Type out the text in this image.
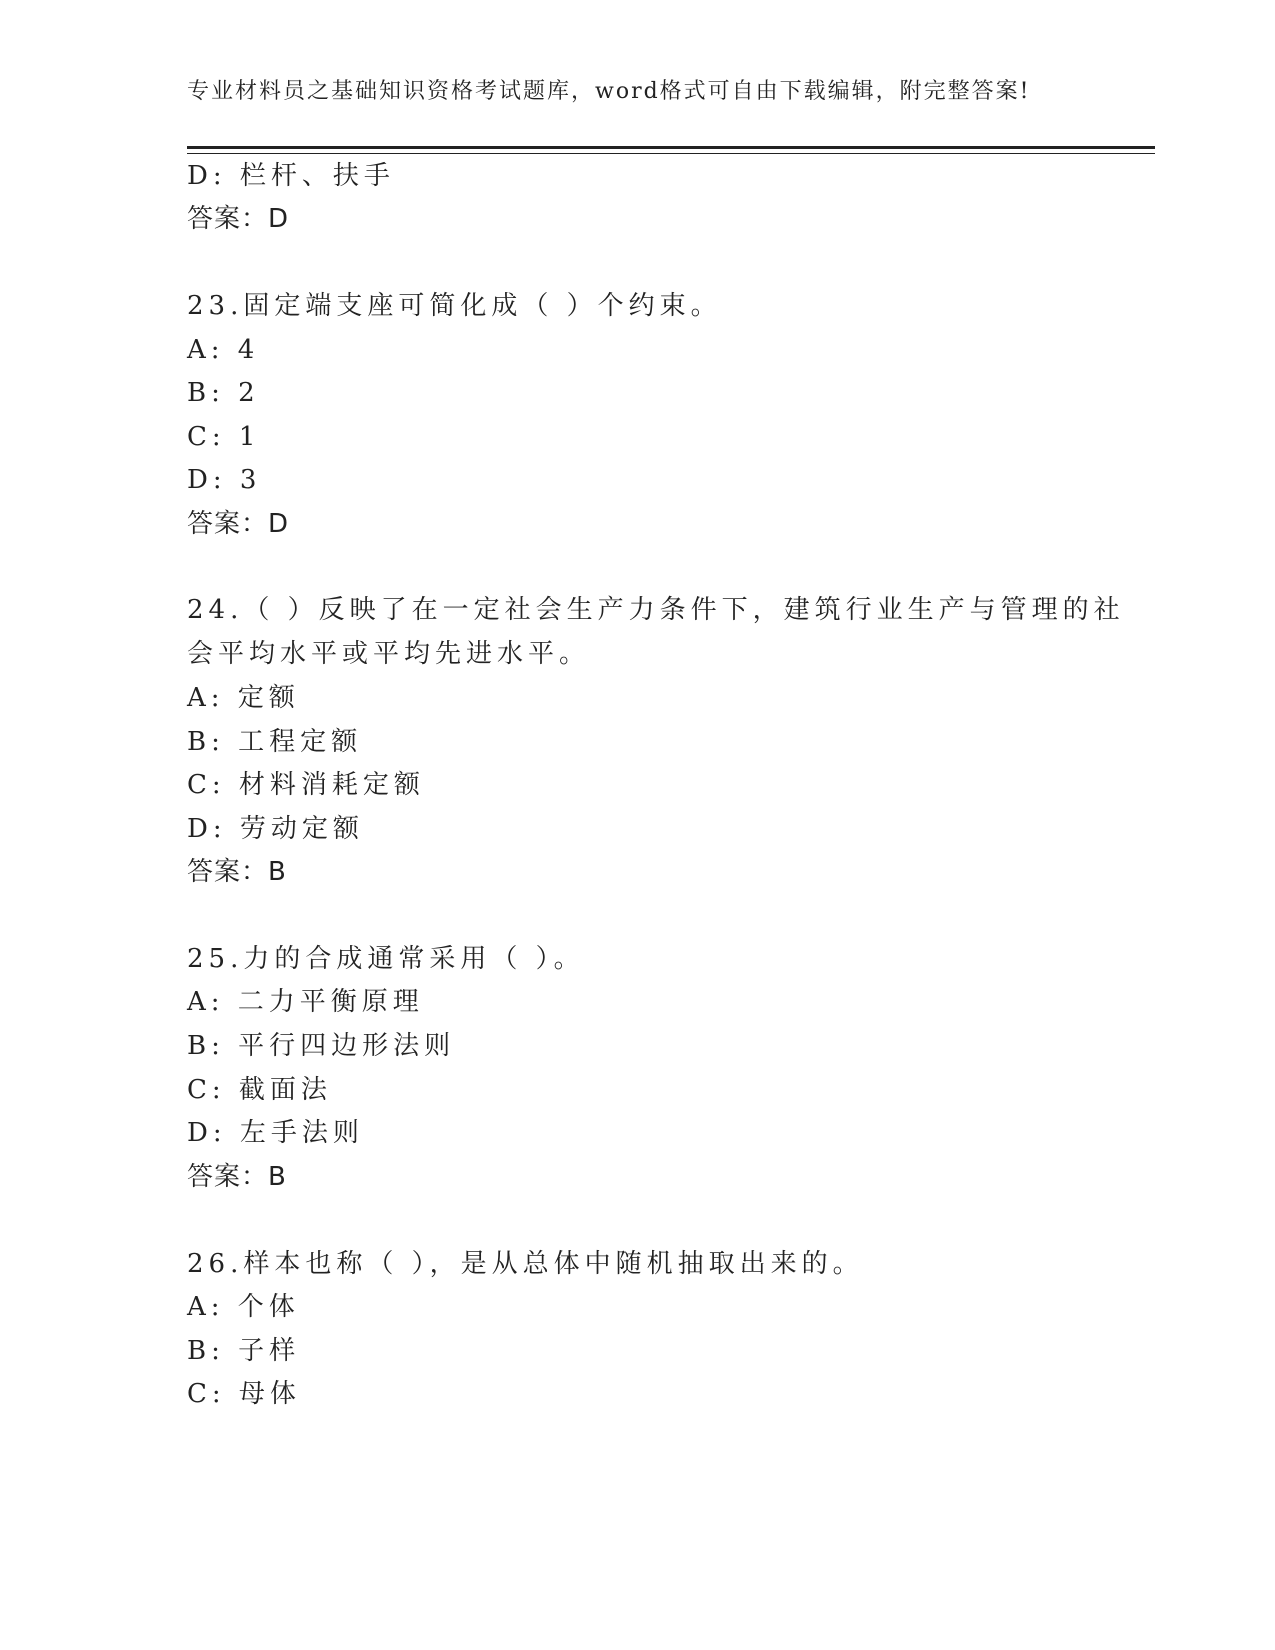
专业材料员之基础知识资格考试题库，word格式可自由下载编辑，附完整答案!
D: 栏杆、扶手
答案：D
23.固定端支座可简化成（ ）个约束。
A: 4
B: 2
C: 1
D: 3
答案：D
24.（ ）反映了在一定社会生产力条件下，建筑行业生产与管理的社
会平均水平或平均先进水平。
A: 定额
B: 工程定额
C: 材料消耗定额
D: 劳动定额
答案：B
25.力的合成通常采用（ ）。
A: 二力平衡原理
B: 平行四边形法则
C: 截面法
D: 左手法则
答案：B
26.样本也称（ ），是从总体中随机抽取出来的。
A: 个体
B: 子样
C: 母体
